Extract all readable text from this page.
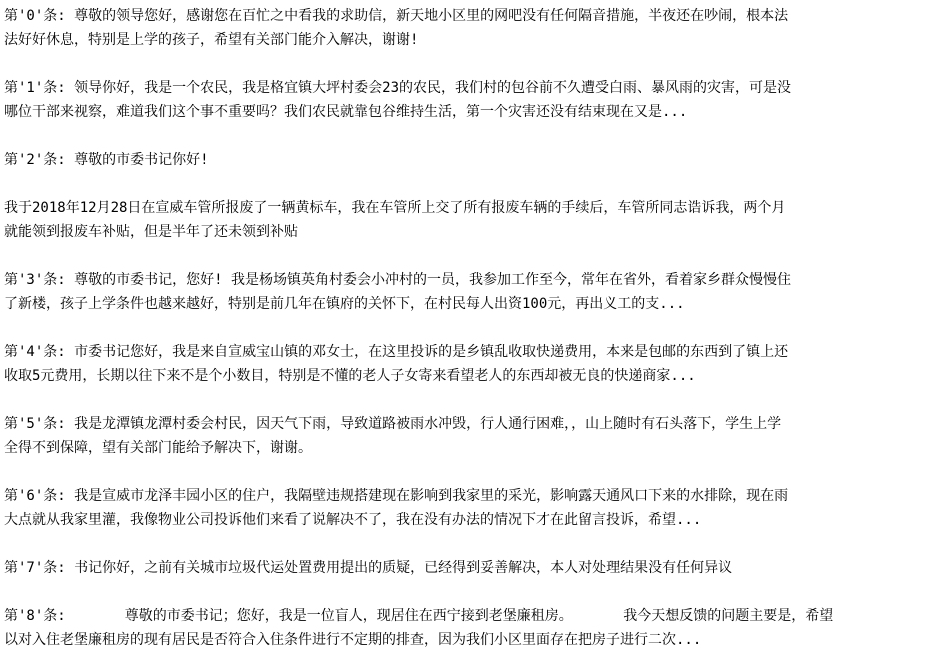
第'0'条: 尊敬的领导您好，感谢您在百忙之中看我的求助信，新天地小区里的网吧没有任何隔音措施，半夜还在吵闹，根本法
法好好休息，特别是上学的孩子，希望有关部门能介入解决，谢谢!
第'1'条: 领导你好，我是一个农民，我是格宜镇大坪村委会23的农民，我们村的包谷前不久遭受白雨、暴风雨的灾害，可是没
哪位干部来视察，难道我们这个事不重要吗？我们农民就靠包谷维持生活，第一个灾害还没有结束现在又是...
第'2'条: 尊敬的市委书记你好!
我于2018年12月28日在宣威车管所报废了一辆黄标车，我在车管所上交了所有报废车辆的手续后，车管所同志诰诉我，两个月
就能领到报废车补贴，但是半年了还未领到补贴
第'3'条: 尊敬的市委书记，您好! 我是杨场镇英角村委会小冲村的一员，我参加工作至今，常年在省外，看着家乡群众慢慢住
了新楼，孩子上学条件也越来越好，特别是前几年在镇府的关怀下，在村民每人出资100元，再出义工的支...
第'4'条: 市委书记您好，我是来自宣威宝山镇的邓女士，在这里投诉的是乡镇乱收取快递费用，本来是包邮的东西到了镇上还
收取5元费用，长期以往下来不是个小数目，特别是不懂的老人子女寄来看望老人的东西却被无良的快递商家...
第'5'条: 我是龙潭镇龙潭村委会村民，因天气下雨，导致道路被雨水冲毁，行人通行困难，，山上随时有石头落下，学生上学
全得不到保障，望有关部门能给予解决下，谢谢。
第'6'条: 我是宣威市龙泽丰园小区的住户，我隔壁违规搭建现在影响到我家里的采光，影响露天通风口下来的水排除，现在雨
大点就从我家里灌，我像物业公司投诉他们来看了说解决不了，我在没有办法的情况下才在此留言投诉，希望...
第'7'条: 书记你好，之前有关城市垃圾代运处置费用提出的质疑，已经得到妥善解决，本人对处理结果没有任何异议
第'8'条:       尊敬的市委书记；您好，我是一位盲人，现居住在西宁接到老堡廉租房。      我今天想反馈的问题主要是，希望
以对入住老堡廉租房的现有居民是否符合入住条件进行不定期的排查，因为我们小区里面存在把房子进行二次...
